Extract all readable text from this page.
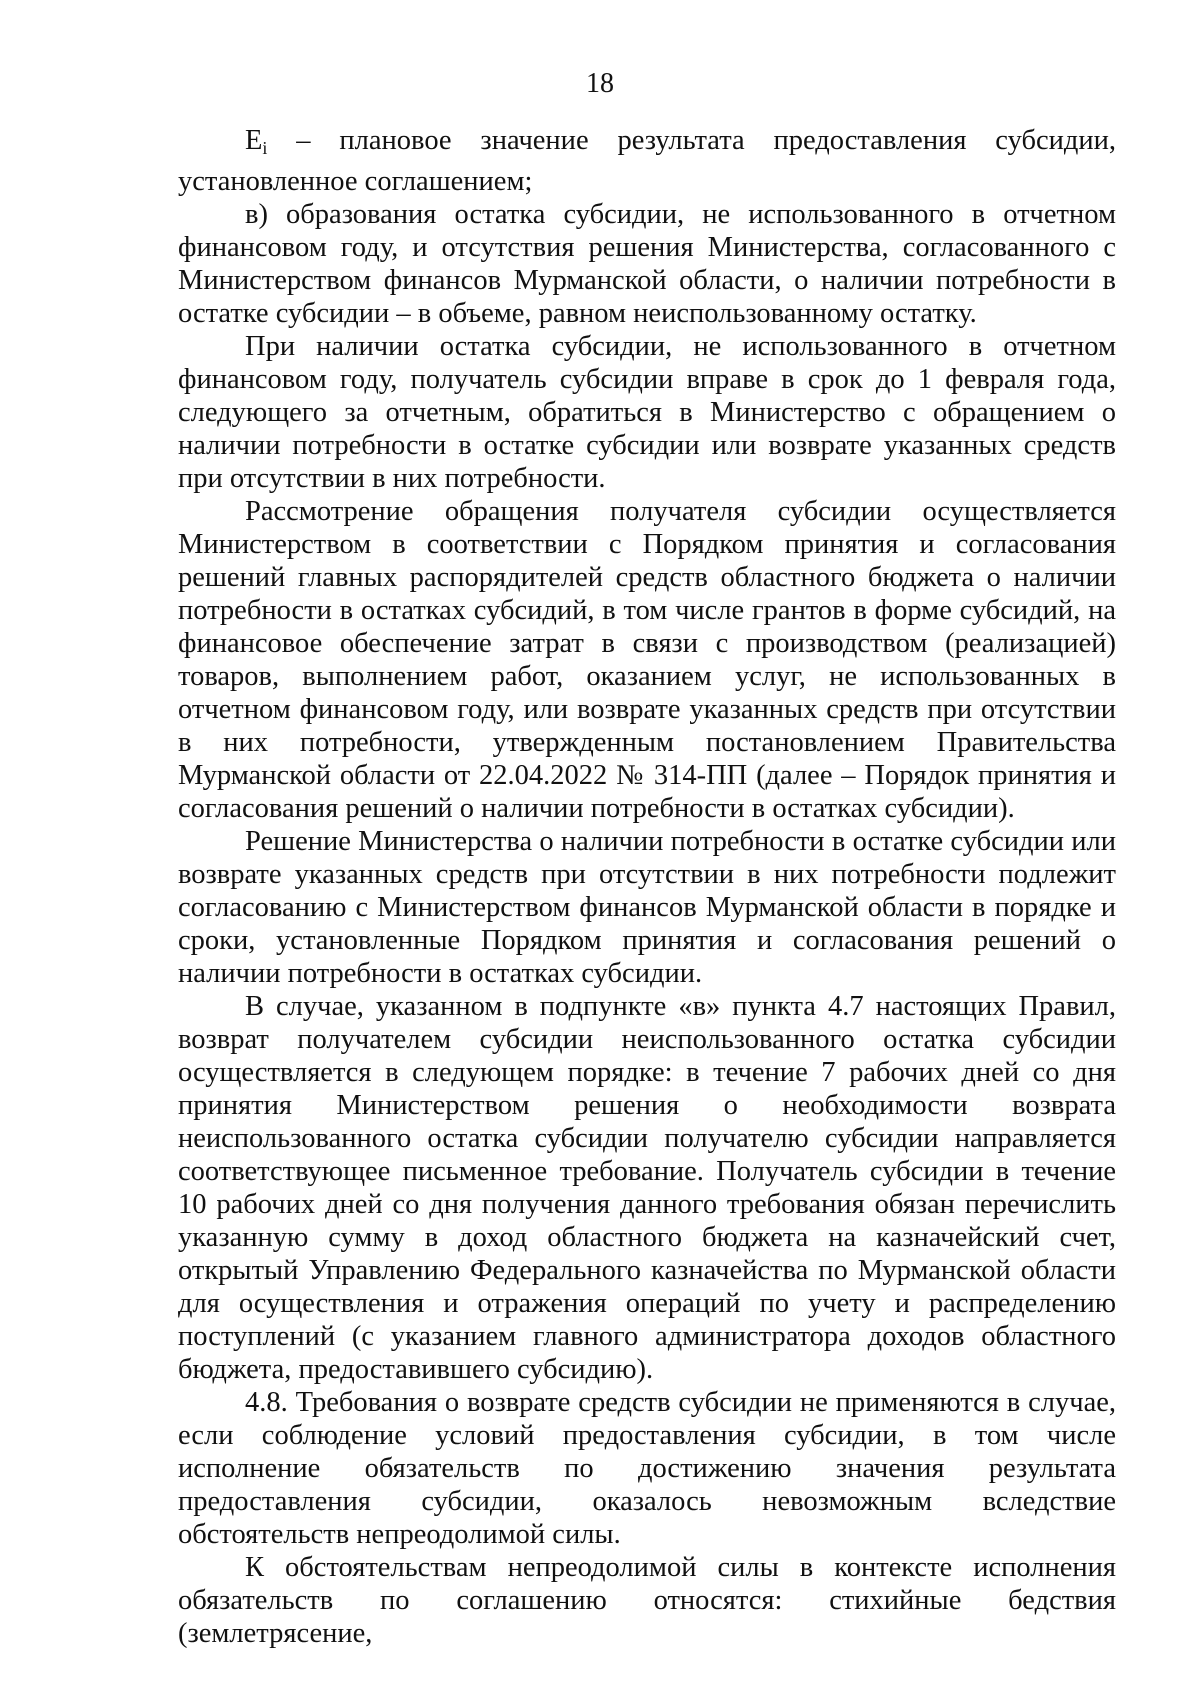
18

$E_i$ – плановое значение результата предоставления субсидии, установленное соглашением;

в) образования остатка субсидии, не использованного в отчетном финансовом году, и отсутствия решения Министерства, согласованного с Министерством финансов Мурманской области, о наличии потребности в остатке субсидии – в объеме, равном неиспользованному остатку.

При наличии остатка субсидии, не использованного в отчетном финансовом году, получатель субсидии вправе в срок до 1 февраля года, следующего за отчетным, обратиться в Министерство с обращением о наличии потребности в остатке субсидии или возврате указанных средств при отсутствии в них потребности.

Рассмотрение обращения получателя субсидии осуществляется Министерством в соответствии с Порядком принятия и согласования решений главных распорядителей средств областного бюджета о наличии потребности в остатках субсидий, в том числе грантов в форме субсидий, на финансовое обеспечение затрат в связи с производством (реализацией) товаров, выполнением работ, оказанием услуг, не использованных в отчетном финансовом году, или возврате указанных средств при отсутствии в них потребности, утвержденным постановлением Правительства Мурманской области от 22.04.2022 № 314-ПП (далее – Порядок принятия и согласования решений о наличии потребности в остатках субсидии).

Решение Министерства о наличии потребности в остатке субсидии или возврате указанных средств при отсутствии в них потребности подлежит согласованию с Министерством финансов Мурманской области в порядке и сроки, установленные Порядком принятия и согласования решений о наличии потребности в остатках субсидии.

В случае, указанном в подпункте «в» пункта 4.7 настоящих Правил, возврат получателем субсидии неиспользованного остатка субсидии осуществляется в следующем порядке: в течение 7 рабочих дней со дня принятия Министерством решения о необходимости возврата неиспользованного остатка субсидии получателю субсидии направляется соответствующее письменное требование. Получатель субсидии в течение 10 рабочих дней со дня получения данного требования обязан перечислить указанную сумму в доход областного бюджета на казначейский счет, открытый Управлению Федерального казначейства по Мурманской области для осуществления и отражения операций по учету и распределению поступлений (с указанием главного администратора доходов областного бюджета, предоставившего субсидию).

4.8. Требования о возврате средств субсидии не применяются в случае, если соблюдение условий предоставления субсидии, в том числе исполнение обязательств по достижению значения результата предоставления субсидии, оказалось невозможным вследствие обстоятельств непреодолимой силы.

К обстоятельствам непреодолимой силы в контексте исполнения обязательств по соглашению относятся: стихийные бедствия (землетрясение,
